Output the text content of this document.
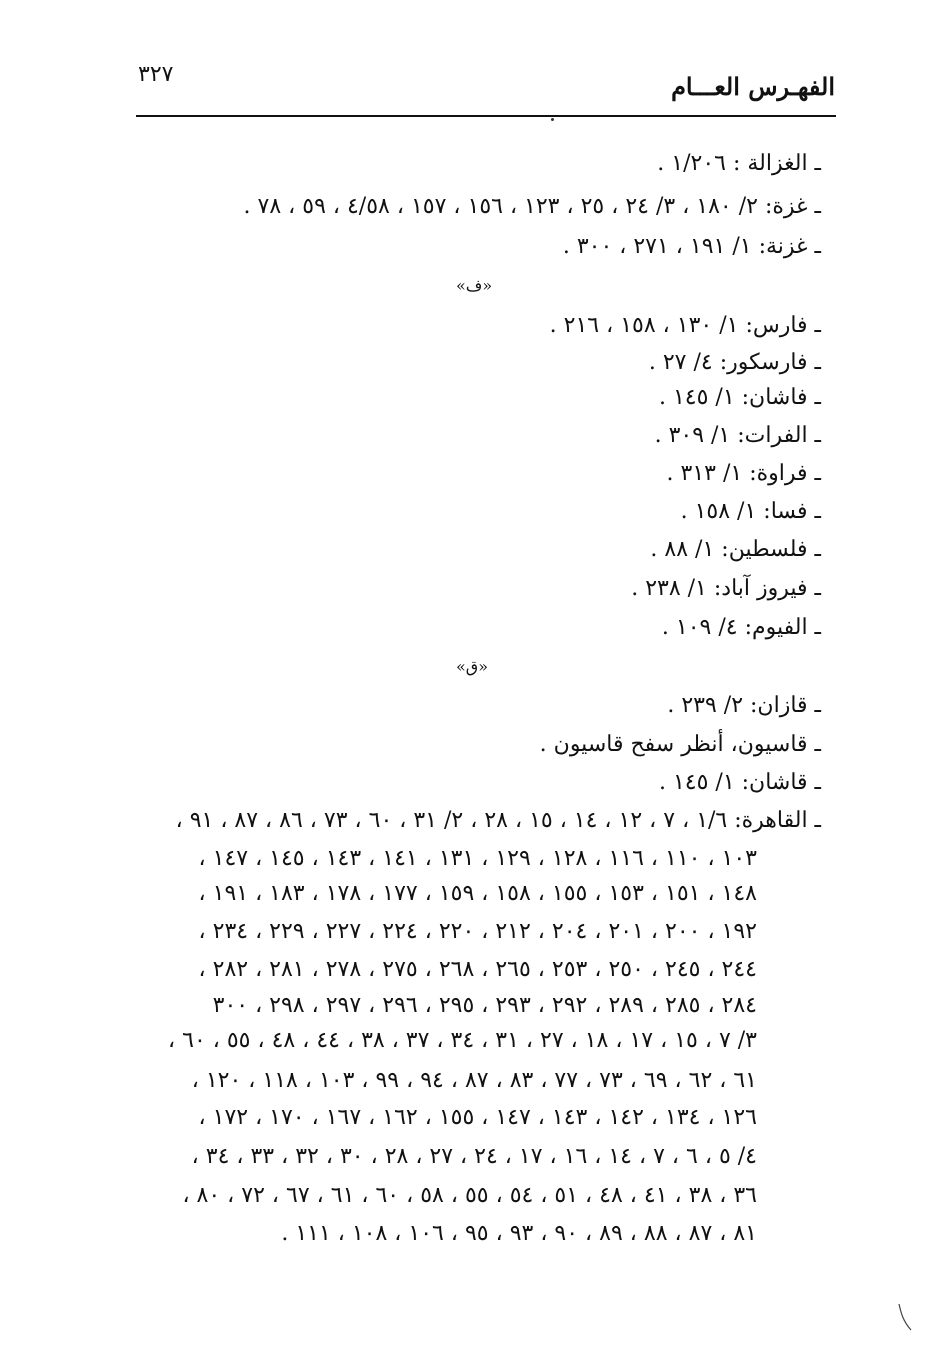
الفهـرس العـــام
٣٢٧
ـ الغزالة : ١/٢٠٦ .
ـ غزة: ٢/ ١٨٠ ، ٣/ ٢٤ ، ٢٥ ، ١٢٣ ، ١٥٦ ، ١٥٧ ، ٤/٥٨ ، ٥٩ ، ٧٨ .
ـ غزنة: ١/ ١٩١ ، ٢٧١ ، ٣٠٠ .
«ف»
ـ فارس: ١/ ١٣٠ ، ١٥٨ ، ٢١٦ .
ـ فارسكور: ٤/ ٢٧ .
ـ فاشان: ١/ ١٤٥ .
ـ الفرات: ١/ ٣٠٩ .
ـ فراوة: ١/ ٣١٣ .
ـ فسا: ١/ ١٥٨ .
ـ فلسطين: ١/ ٨٨ .
ـ فيروز آباد: ١/ ٢٣٨ .
ـ الفيوم: ٤/ ١٠٩ .
«ق»
ـ قازان: ٢/ ٢٣٩ .
ـ قاسيون، أنظر سفح قاسيون .
ـ قاشان: ١/ ١٤٥ .
ـ القاهرة: ١/٦ ، ٧ ، ١٢ ، ١٤ ، ١٥ ، ٢٨ ، ٢/ ٣١ ، ٦٠ ، ٧٣ ، ٨٦ ، ٨٧ ، ٩١ ،
١٠٣ ، ١١٠ ، ١١٦ ، ١٢٨ ، ١٢٩ ، ١٣١ ، ١٤١ ، ١٤٣ ، ١٤٥ ، ١٤٧ ،
١٤٨ ، ١٥١ ، ١٥٣ ، ١٥٥ ، ١٥٨ ، ١٥٩ ، ١٧٧ ، ١٧٨ ، ١٨٣ ، ١٩١ ،
١٩٢ ، ٢٠٠ ، ٢٠١ ، ٢٠٤ ، ٢١٢ ، ٢٢٠ ، ٢٢٤ ، ٢٢٧ ، ٢٢٩ ، ٢٣٤ ،
٢٤٤ ، ٢٤٥ ، ٢٥٠ ، ٢٥٣ ، ٢٦٥ ، ٢٦٨ ، ٢٧٥ ، ٢٧٨ ، ٢٨١ ، ٢٨٢ ،
٢٨٤ ، ٢٨٥ ، ٢٨٩ ، ٢٩٢ ، ٢٩٣ ، ٢٩٥ ، ٢٩٦ ، ٢٩٧ ، ٢٩٨ ، ٣٠٠
٣/ ٧ ، ١٥ ، ١٧ ، ١٨ ، ٢٧ ، ٣١ ، ٣٤ ، ٣٧ ، ٣٨ ، ٤٤ ، ٤٨ ، ٥٥ ، ٦٠ ،
٦١ ، ٦٢ ، ٦٩ ، ٧٣ ، ٧٧ ، ٨٣ ، ٨٧ ، ٩٤ ، ٩٩ ، ١٠٣ ، ١١٨ ، ١٢٠ ،
١٢٦ ، ١٣٤ ، ١٤٢ ، ١٤٣ ، ١٤٧ ، ١٥٥ ، ١٦٢ ، ١٦٧ ، ١٧٠ ، ١٧٢ ،
٤/ ٥ ، ٦ ، ٧ ، ١٤ ، ١٦ ، ١٧ ، ٢٤ ، ٢٧ ، ٢٨ ، ٣٠ ، ٣٢ ، ٣٣ ، ٣٤ ،
٣٦ ، ٣٨ ، ٤١ ، ٤٨ ، ٥١ ، ٥٤ ، ٥٥ ، ٥٨ ، ٦٠ ، ٦١ ، ٦٧ ، ٧٢ ، ٨٠ ،
٨١ ، ٨٧ ، ٨٨ ، ٨٩ ، ٩٠ ، ٩٣ ، ٩٥ ، ١٠٦ ، ١٠٨ ، ١١١ .
